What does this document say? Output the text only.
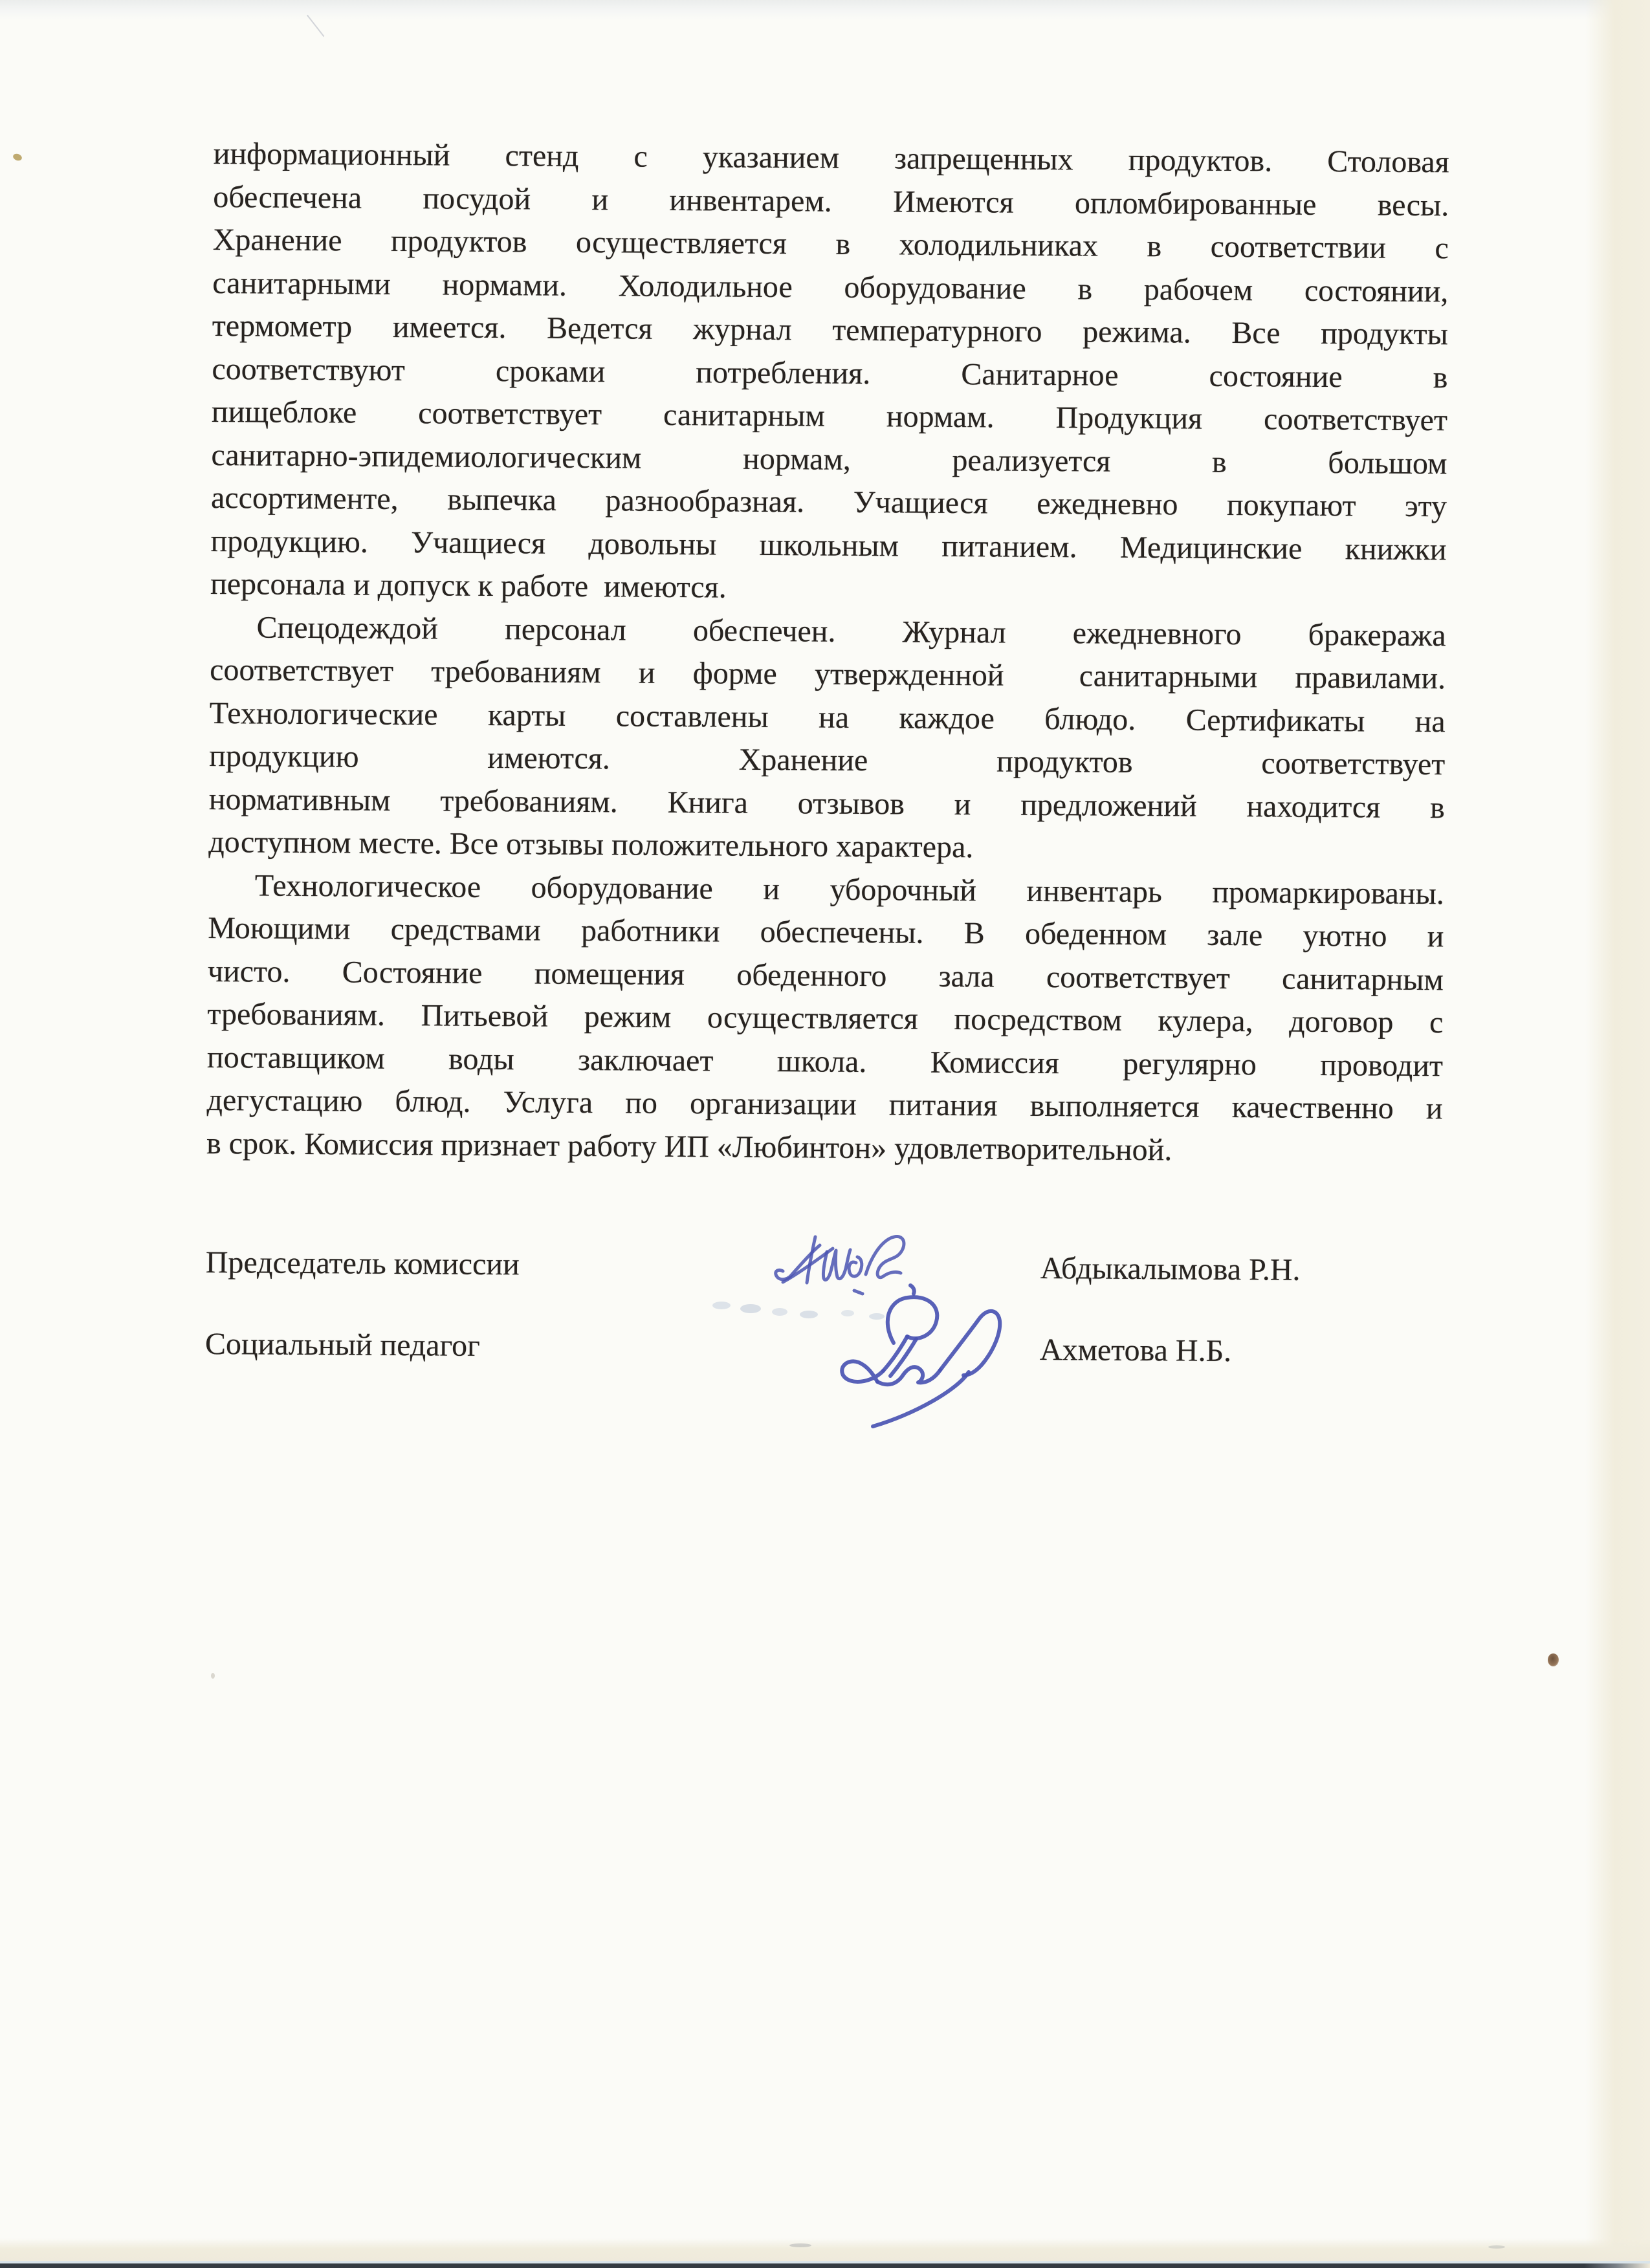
информационный стенд с указанием запрещенных продуктов. Столовая
обеспечена посудой и инвентарем. Имеются опломбированные весы.
Хранение продуктов осуществляется в холодильниках в соответствии с
санитарными нормами. Холодильное оборудование в рабочем состоянии,
термометр имеется. Ведется журнал температурного режима. Все продукты
соответствуют сроками потребления. Санитарное состояние в
пищеблоке соответствует санитарным нормам. Продукция соответствует
санитарно-эпидемиологическим нормам, реализуется в большом
ассортименте, выпечка разнообразная. Учащиеся ежедневно покупают эту
продукцию. Учащиеся довольны школьным питанием. Медицинские книжки
персонала и допуск к работе  имеются.
Спецодеждой персонал обеспечен. Журнал ежедневного бракеража
соответствует требованиям и форме утвержденной  санитарными правилами.
Технологические карты составлены на каждое блюдо. Сертификаты на
продукцию имеются. Хранение продуктов соответствует
нормативным требованиям. Книга отзывов и предложений находится в
доступном месте. Все отзывы положительного характера.
Технологическое оборудование и уборочный инвентарь промаркированы.
Моющими средствами работники обеспечены. В обеденном зале уютно и
чисто. Состояние помещения обеденного зала соответствует санитарным
требованиям. Питьевой режим осуществляется посредством кулера, договор с
поставщиком воды заключает школа. Комиссия регулярно проводит
дегустацию блюд. Услуга по организации питания выполняется качественно и
в срок. Комиссия признает работу ИП «Любинтон» удовлетворительной.
Председатель комиссии	Абдыкалымова Р.Н.
Социальный педагог	Ахметова Н.Б.
